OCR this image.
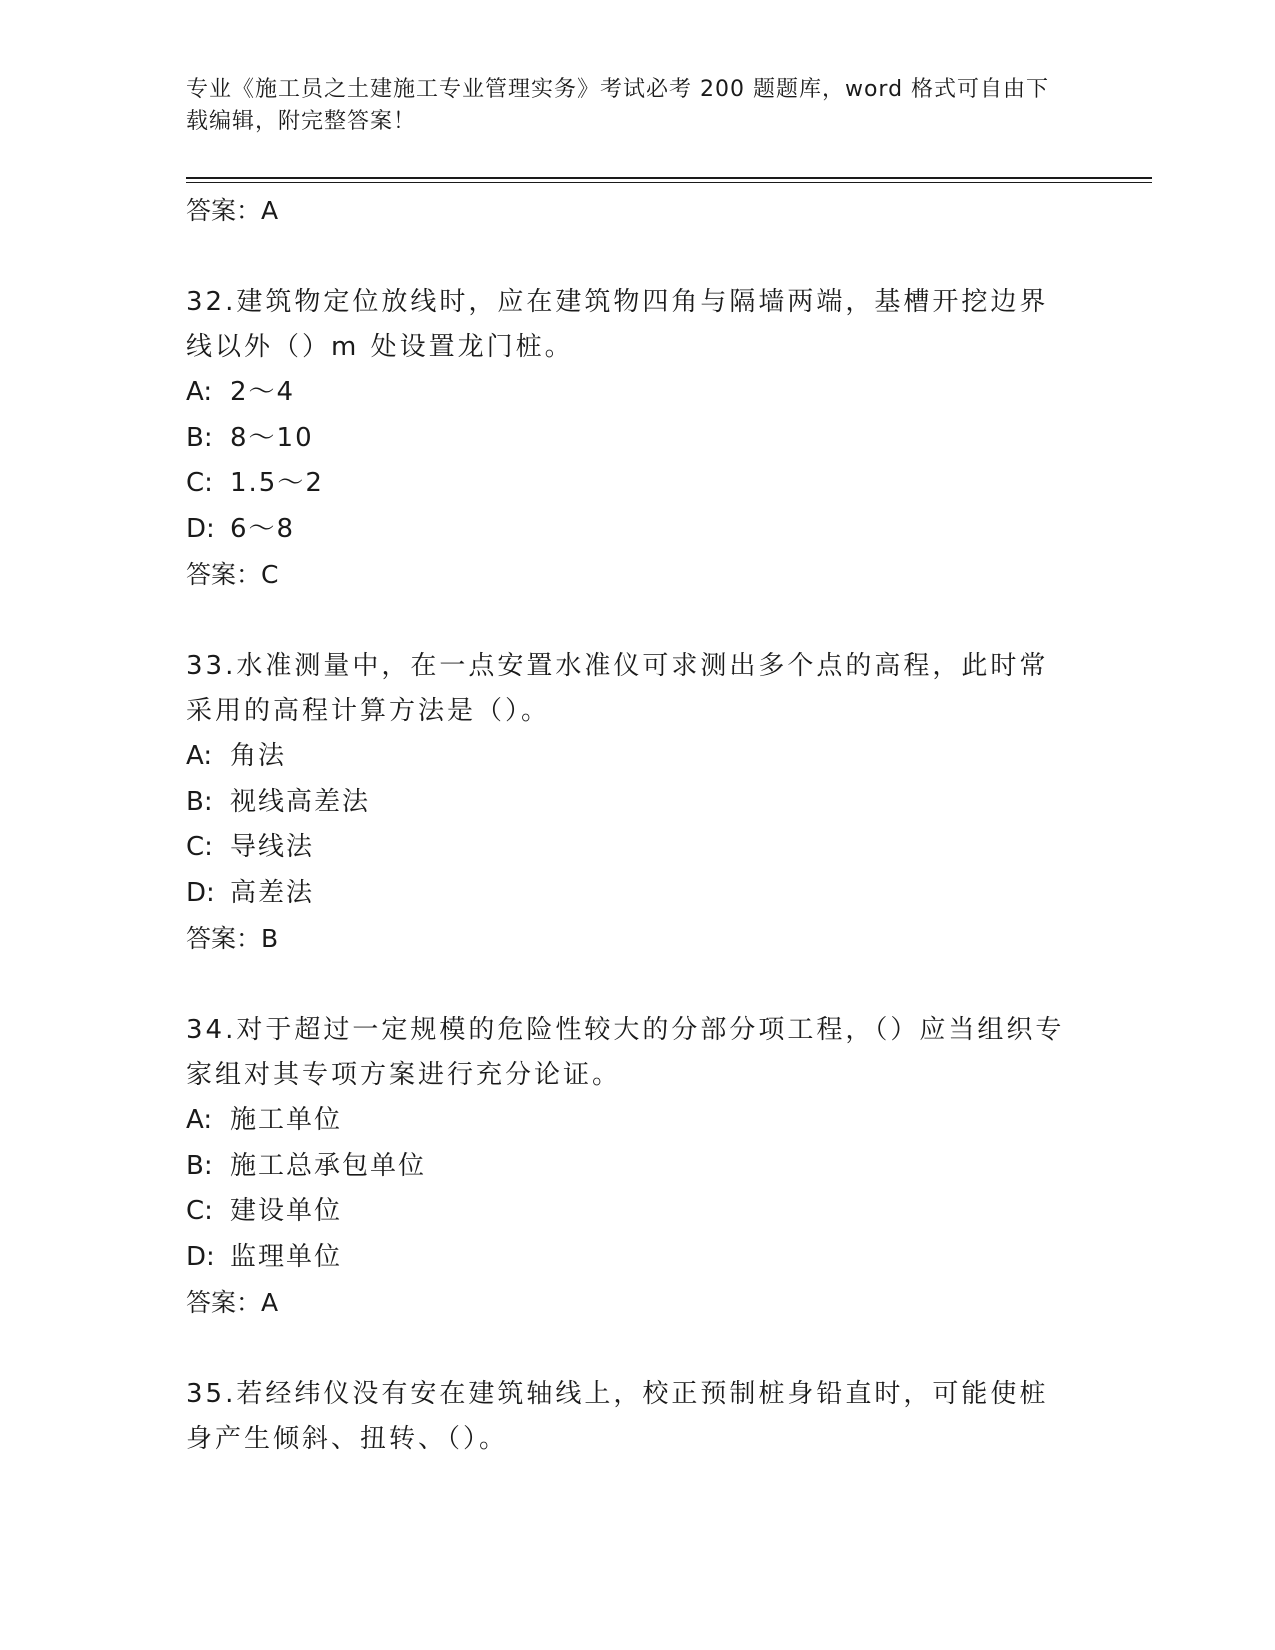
专业《施工员之土建施工专业管理实务》考试必考 200 题题库，word 格式可自由下载编辑，附完整答案！
答案：A
32.建筑物定位放线时，应在建筑物四角与隔墙两端，基槽开挖边界线以外（）m 处设置龙门桩。
A: 2～4
B: 8～10
C: 1.5～2
D: 6～8
答案：C
33.水准测量中，在一点安置水准仪可求测出多个点的高程，此时常采用的高程计算方法是（）。
A: 角法
B: 视线高差法
C: 导线法
D: 高差法
答案：B
34.对于超过一定规模的危险性较大的分部分项工程，（）应当组织专家组对其专项方案进行充分论证。
A: 施工单位
B: 施工总承包单位
C: 建设单位
D: 监理单位
答案：A
35.若经纬仪没有安在建筑轴线上，校正预制桩身铅直时，可能使桩身产生倾斜、扭转、（）。
